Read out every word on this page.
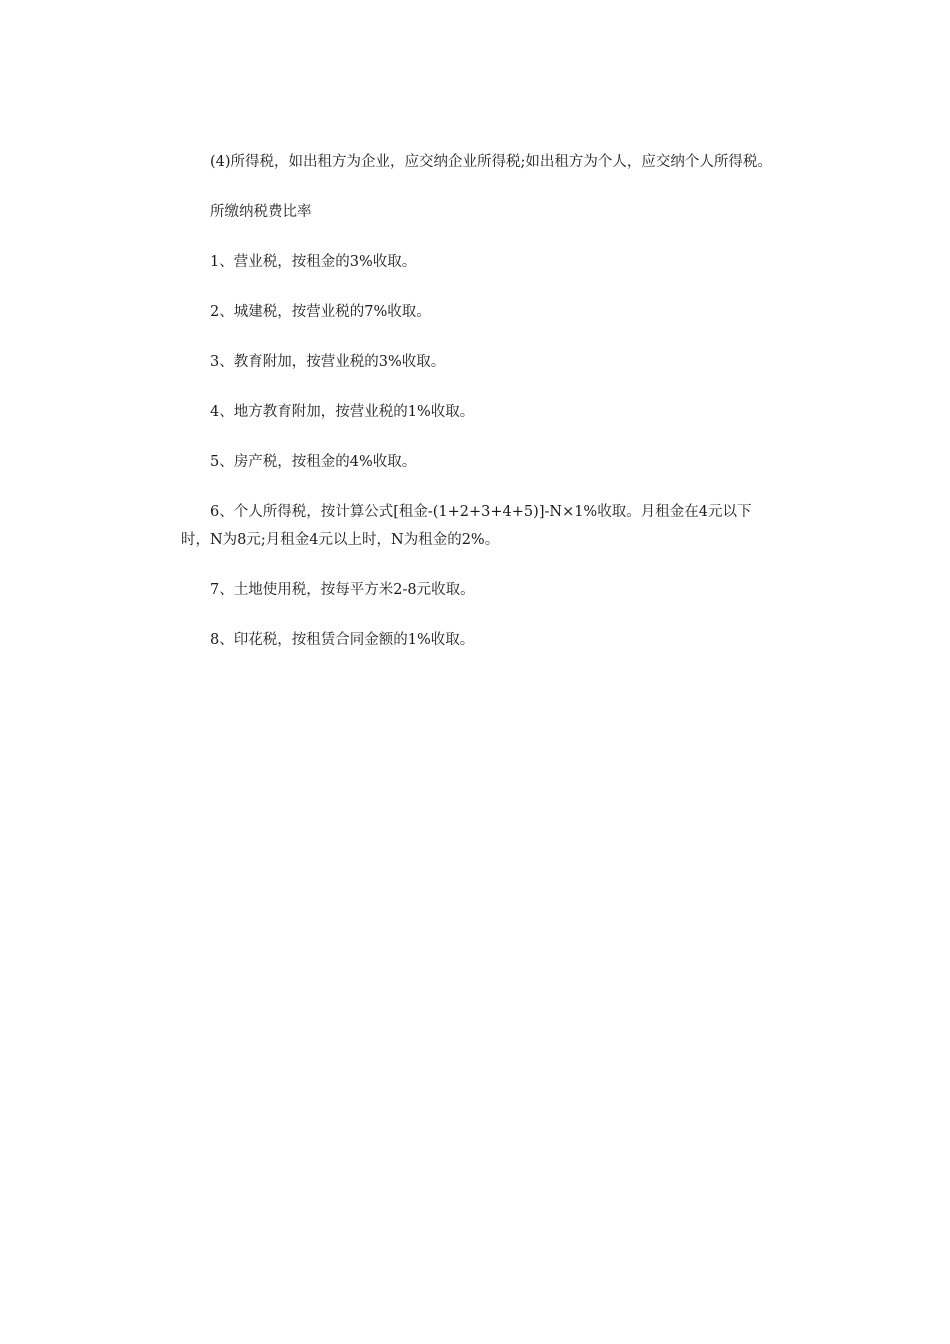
(4)所得税，如出租方为企业，应交纳企业所得税;如出租方为个人，应交纳个人所得税。

所缴纳税费比率

1、营业税，按租金的3%收取。

2、城建税，按营业税的7%收取。

3、教育附加，按营业税的3%收取。

4、地方教育附加，按营业税的1%收取。

5、房产税，按租金的4%收取。

6、个人所得税，按计算公式[租金-(1+2+3+4+5)]-N×1%收取。月租金在4元以下时，N为8元;月租金4元以上时，N为租金的2%。

7、土地使用税，按每平方米2-8元收取。

8、印花税，按租赁合同金额的1%收取。
